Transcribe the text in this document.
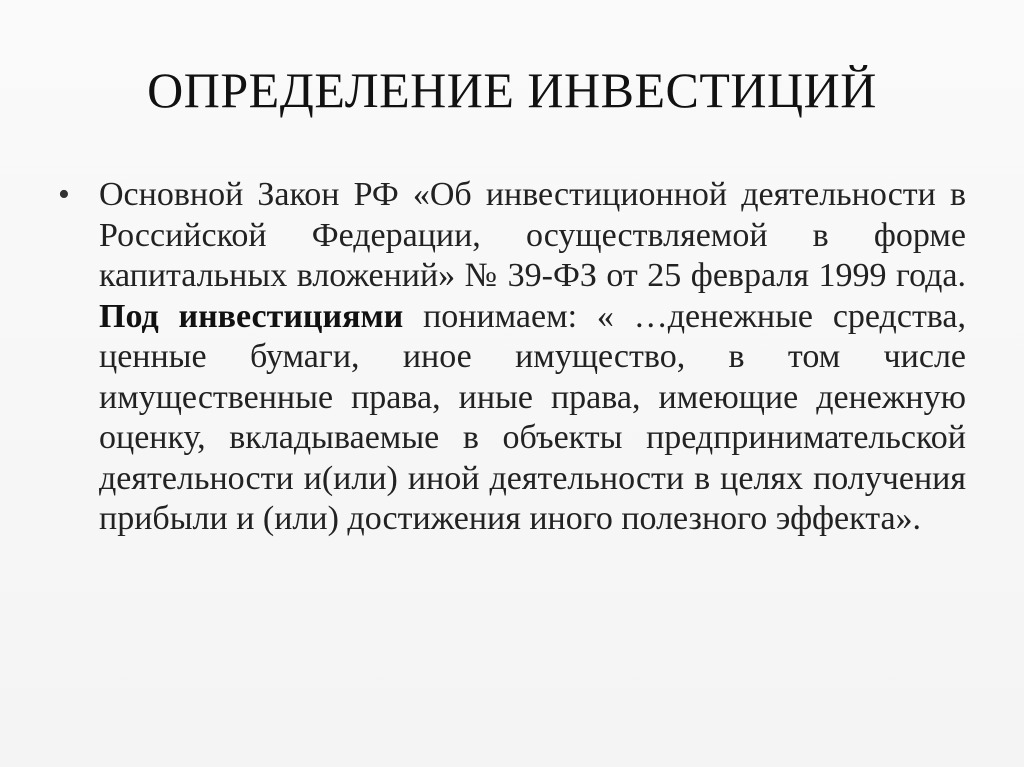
ОПРЕДЕЛЕНИЕ ИНВЕСТИЦИЙ
• Основной Закон РФ «Об инвестиционной деятельности в Российской Федерации, осуществляемой в форме капитальных вложений» № 39-ФЗ от 25 февраля 1999 года. Под инвестициями понимаем: « …денежные средства, ценные бумаги, иное имущество, в том числе имущественные права, иные права, имеющие денежную оценку, вкладываемые в объекты предпринимательской деятельности и(или) иной деятельности в целях получения прибыли и (или) достижения иного полезного эффекта».
